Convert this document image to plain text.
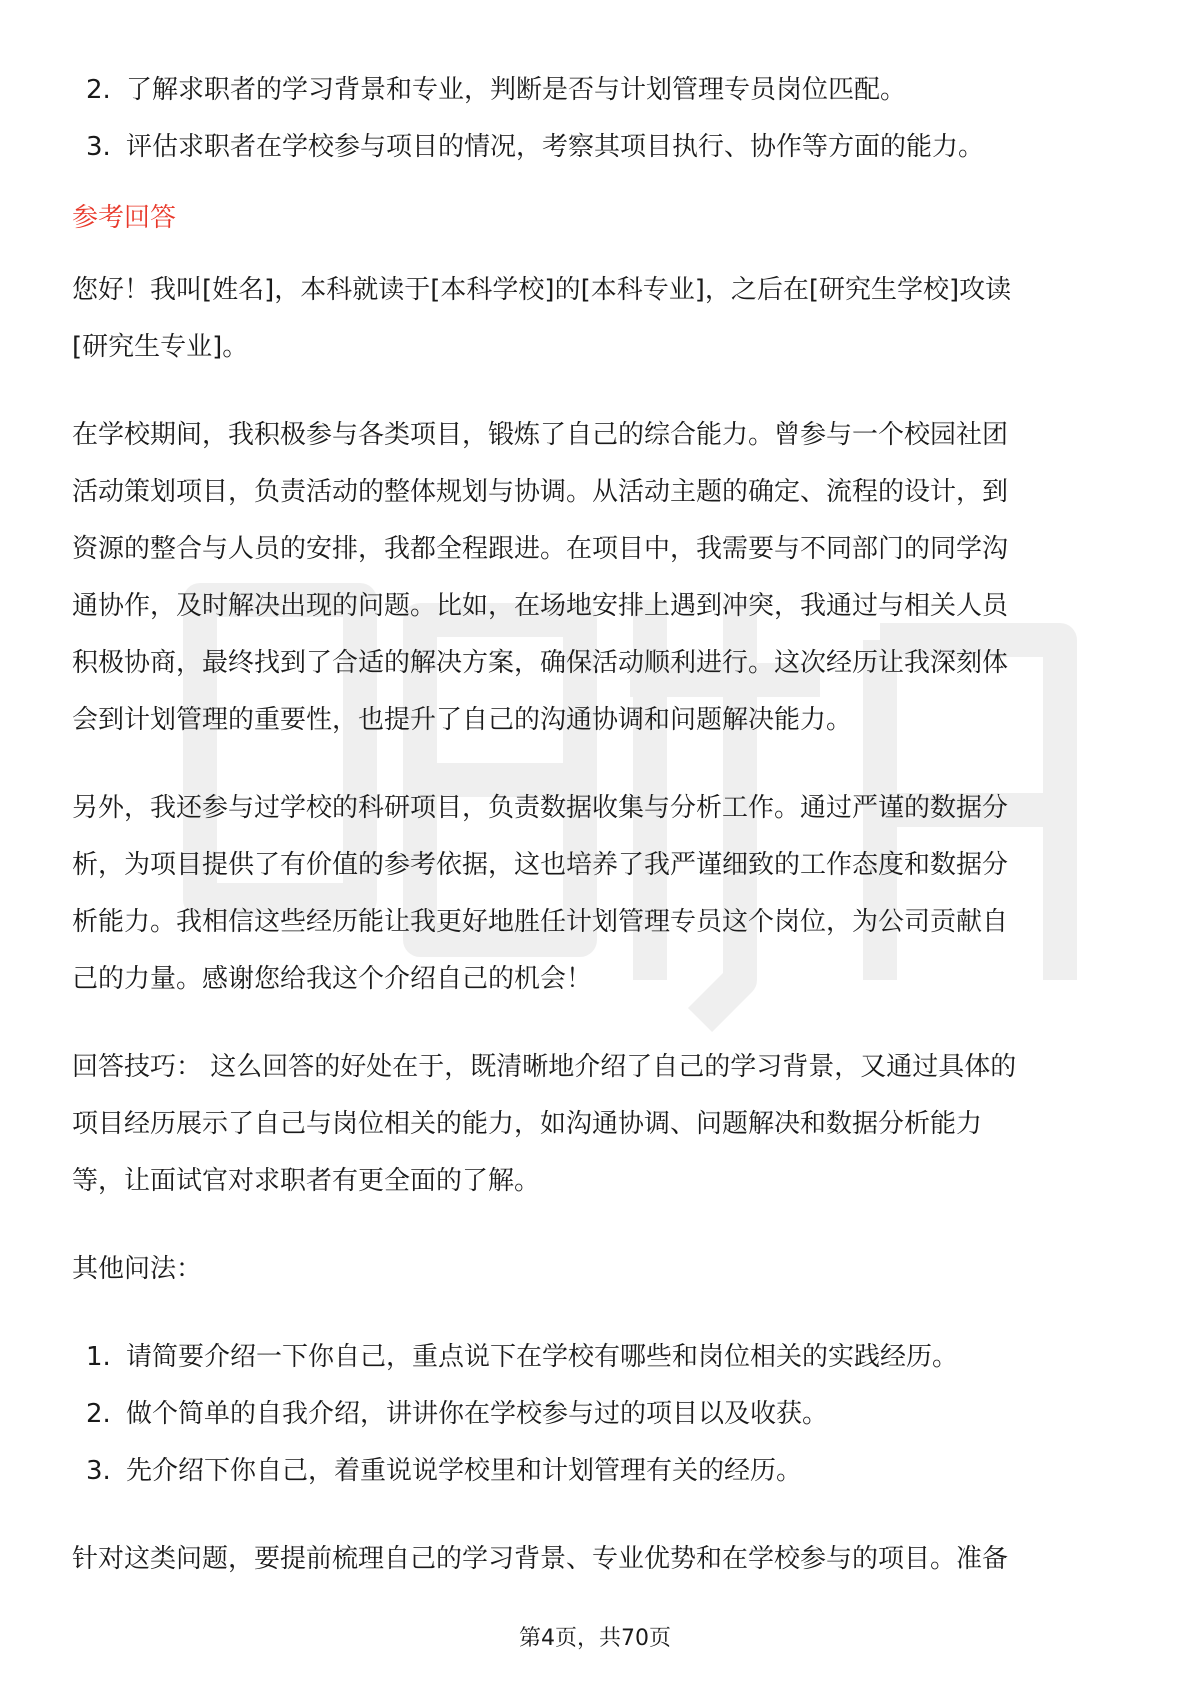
2. 了解求职者的学习背景和专业，判断是否与计划管理专员岗位匹配。
3. 评估求职者在学校参与项目的情况，考察其项目执行、协作等方面的能力。
参考回答
您好！我叫[姓名]，本科就读于[本科学校]的[本科专业]，之后在[研究生学校]攻读
[研究生专业]。
在学校期间，我积极参与各类项目，锻炼了自己的综合能力。曾参与一个校园社团
活动策划项目，负责活动的整体规划与协调。从活动主题的确定、流程的设计，到
资源的整合与人员的安排，我都全程跟进。在项目中，我需要与不同部门的同学沟
通协作，及时解决出现的问题。比如，在场地安排上遇到冲突，我通过与相关人员
积极协商，最终找到了合适的解决方案，确保活动顺利进行。这次经历让我深刻体
会到计划管理的重要性，也提升了自己的沟通协调和问题解决能力。
另外，我还参与过学校的科研项目，负责数据收集与分析工作。通过严谨的数据分
析，为项目提供了有价值的参考依据，这也培养了我严谨细致的工作态度和数据分
析能力。我相信这些经历能让我更好地胜任计划管理专员这个岗位，为公司贡献自
己的力量。感谢您给我这个介绍自己的机会！
回答技巧： 这么回答的好处在于，既清晰地介绍了自己的学习背景，又通过具体的
项目经历展示了自己与岗位相关的能力，如沟通协调、问题解决和数据分析能力
等，让面试官对求职者有更全面的了解。
其他问法：
1. 请简要介绍一下你自己，重点说下在学校有哪些和岗位相关的实践经历。
2. 做个简单的自我介绍，讲讲你在学校参与过的项目以及收获。
3. 先介绍下你自己，着重说说学校里和计划管理有关的经历。
针对这类问题，要提前梳理自己的学习背景、专业优势和在学校参与的项目。准备
第4页，共70页
